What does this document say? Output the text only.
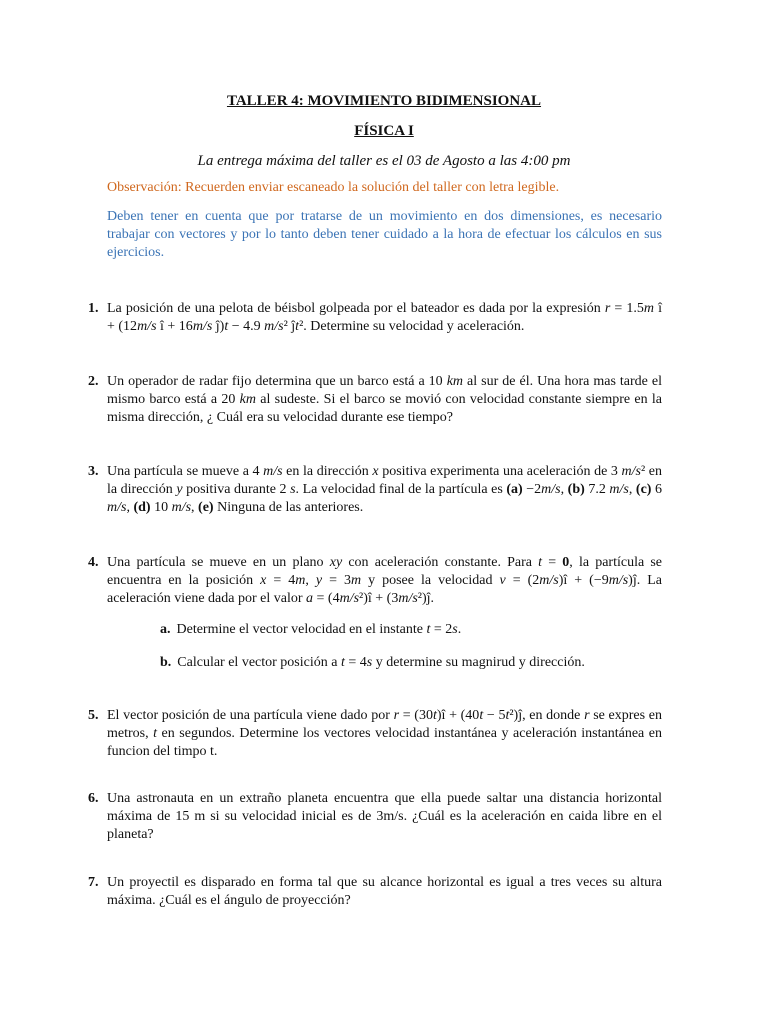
TALLER 4: MOVIMIENTO BIDIMENSIONAL
FÍSICA I
La entrega máxima del taller es el 03 de Agosto a las 4:00 pm
Observación: Recuerden enviar escaneado la solución del taller con letra legible.
Deben tener en cuenta que por tratarse de un movimiento en dos dimensiones, es necesario trabajar con vectores y por lo tanto deben tener cuidado a la hora de efectuar los cálculos en sus ejercicios.
1. La posición de una pelota de béisbol golpeada por el bateador es dada por la expresión r = 1.5m î + (12m/s î + 16m/s ĵ)t − 4.9 m/s² ĵt². Determine su velocidad y aceleración.
2. Un operador de radar fijo determina que un barco está a 10 km al sur de él. Una hora mas tarde el mismo barco está a 20 km al sudeste. Si el barco se movió con velocidad constante siempre en la misma dirección, ¿ Cuál era su velocidad durante ese tiempo?
3. Una partícula se mueve a 4 m/s en la dirección x positiva experimenta una aceleración de 3 m/s² en la dirección y positiva durante 2 s. La velocidad final de la partícula es (a) −2m/s, (b) 7.2 m/s, (c) 6 m/s, (d) 10 m/s, (e) Ninguna de las anteriores.
4. Una partícula se mueve en un plano xy con aceleración constante. Para t = 0, la partícula se encuentra en la posición x = 4m, y = 3m y posee la velocidad v = (2m/s)î + (−9m/s)ĵ. La aceleración viene dada por el valor a = (4m/s²)î + (3m/s²)ĵ.
a. Determine el vector velocidad en el instante t = 2s.
b. Calcular el vector posición a t = 4s y determine su magnirud y dirección.
5. El vector posición de una partícula viene dado por r = (30t)î + (40t − 5t²)ĵ, en donde r se expres en metros, t en segundos. Determine los vectores velocidad instantánea y aceleración instantánea en funcion del timpo t.
6. Una astronauta en un extraño planeta encuentra que ella puede saltar una distancia horizontal máxima de 15 m si su velocidad inicial es de 3m/s. ¿Cuál es la aceleración en caida libre en el planeta?
7. Un proyectil es disparado en forma tal que su alcance horizontal es igual a tres veces su altura máxima. ¿Cuál es el ángulo de proyección?
